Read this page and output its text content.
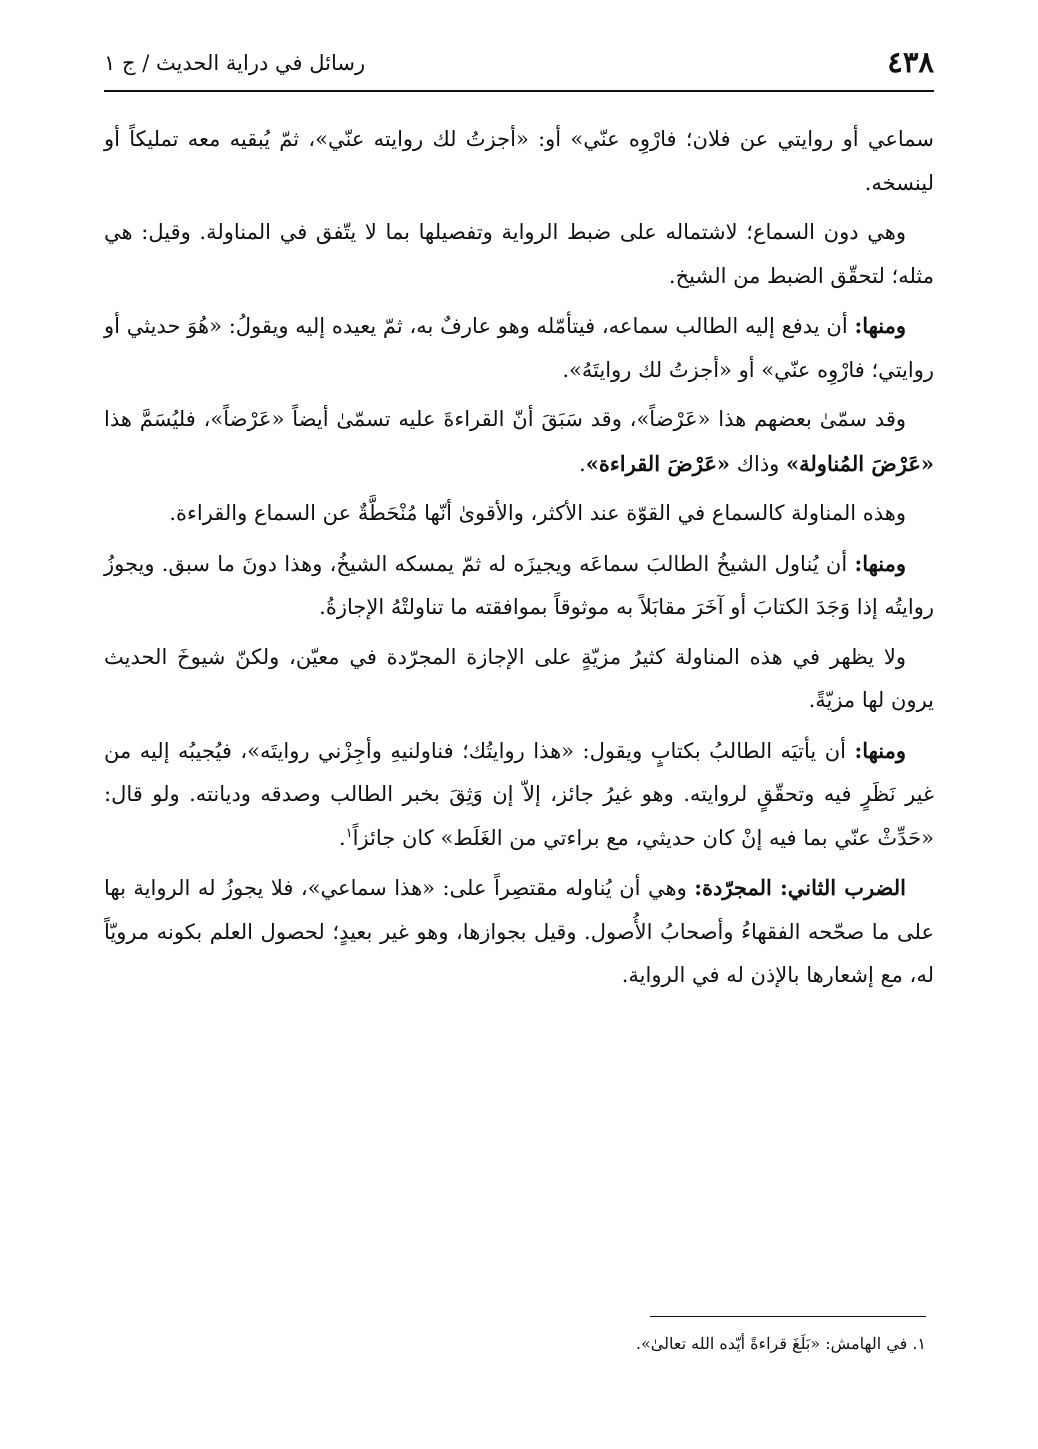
٤٣٨
رسائل في دراية الحديث / ج ١

سماعي أو روايتي عن فلان؛ فارْوِه عنّي» أو: «أجزتُ لك روايته عنّي»، ثمّ يُبقيه معه تمليكاً أو لينسخه.

وهي دون السماع؛ لاشتماله على ضبط الرواية وتفصيلها بما لا يتّفق في المناولة. وقيل: هي مثله؛ لتحقّق الضبط من الشيخ.

ومنها: أن يدفع إليه الطالب سماعه، فيتأمّله وهو عارفٌ به، ثمّ يعيده إليه ويقولُ: «هُوَ حديثي أو روايتي؛ فارْوِه عنّي» أو «أجزتُ لك روايتَهُ».

وقد سمّىٰ بعضهم هذا «عَرْضاً»، وقد سَبَقَ أنّ القراءةَ عليه تسمّىٰ أيضاً «عَرْضاً»، فليُسَمَّ هذا «عَرْضَ المُناولة» وذاك «عَرْضَ القراءة».

وهذه المناولة كالسماع في القوّة عند الأكثر، والأقوىٰ أنّها مُنْحَطَّةٌ عن السماع والقراءة.

ومنها: أن يُناول الشيخُ الطالبَ سماعَه ويجيزَه له ثمّ يمسكه الشيخُ، وهذا دونَ ما سبق. ويجوزُ روايتُه إذا وَجَدَ الكتابَ أو آخَرَ مقابَلاً به موثوقاً بموافقته ما تناولتْهُ الإجازةُ.

ولا يظهر في هذه المناولة كثيرُ مزيّةٍ على الإجازة المجرّدة في معيّن، ولكنّ شيوخَ الحديث يرون لها مزيّةً.

ومنها: أن يأتيَه الطالبُ بكتابٍ ويقول: «هذا روايتُك؛ فناولنيهِ وأجِزْني روايتَه»، فيُجيبُه إليه من غير نَظَرٍ فيه وتحقّقٍ لروايته. وهو غيرُ جائز، إلاّ إن وَثِقَ بخبر الطالب وصدقه وديانته. ولو قال: «حَدِّثْ عنّي بما فيه إنْ كان حديثي، مع براءتي من الغَلَط» كان جائزاً$^١$.

الضرب الثاني: المجرّدة: وهي أن يُناوله مقتصِراً على: «هذا سماعي»، فلا يجوزُ له الرواية بها على ما صحّحه الفقهاءُ وأصحابُ الأُصول. وقيل بجوازها، وهو غير بعيدٍ؛ لحصول العلم بكونه مرويّاً له، مع إشعارها بالإذن له في الرواية.

١. في الهامش: «بَلَغَ قراءةً أيّده الله تعالىٰ».
